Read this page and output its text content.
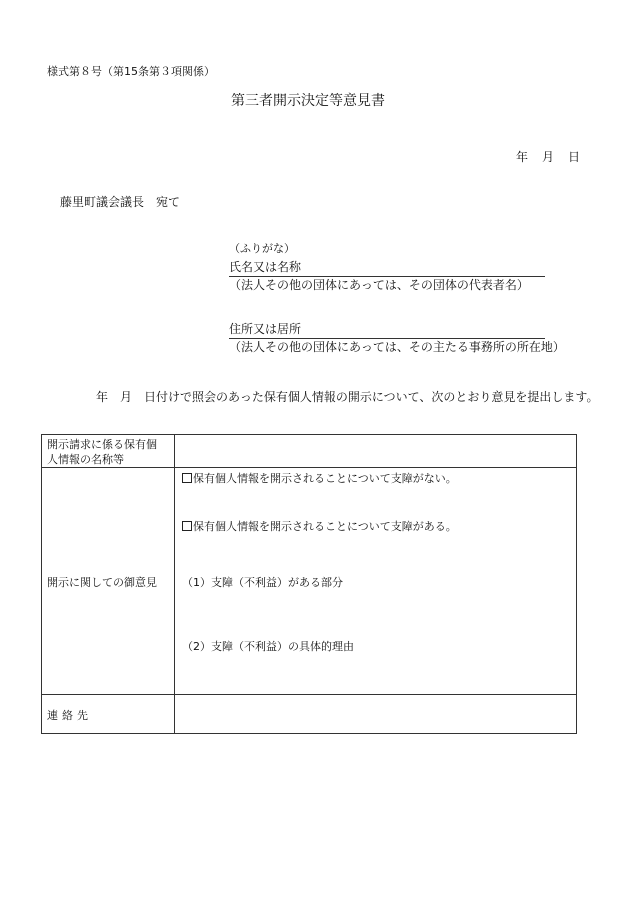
様式第８号（第15条第３項関係）
第三者開示決定等意見書
年 月 日
藤里町議会議長　宛て
（ふりがな）
氏名又は名称
（法人その他の団体にあっては、その団体の代表者名）
住所又は居所
（法人その他の団体にあっては、その主たる事務所の所在地）
年　月　日付けで照会のあった保有個人情報の開示について、次のとおり意見を提出します。
開示請求に係る保有個
人情報の名称等	

開示に関しての御意見	保有個人情報を開示されることについて支障がない。
保有個人情報を開示されることについて支障がある。
（1）支障（不利益）がある部分
（2）支障（不利益）の具体的理由

連絡先	
